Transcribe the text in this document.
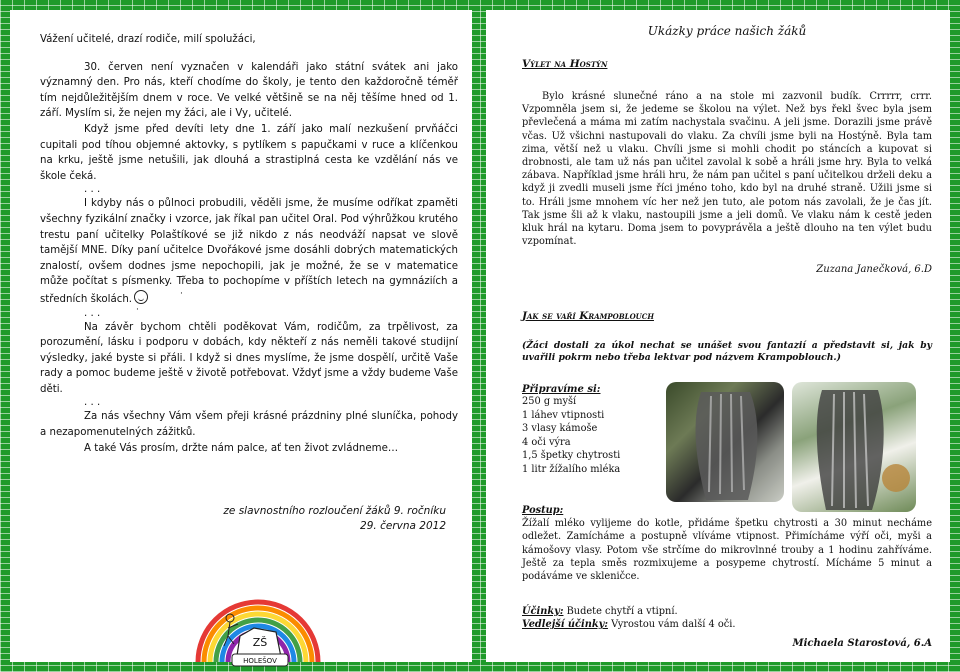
Vážení učitelé, drazí rodiče, milí spolužáci,

30. červen není vyznačen v kalendáři jako státní svátek ani jako významný den. Pro nás, kteří chodíme do školy, je tento den každoročně téměř tím nejdůležitějším dnem v roce. Ve velké většině se na něj těšíme hned od 1. září. Myslím si, že nejen my žáci, ale i Vy, učitelé.

Když jsme před devíti lety dne 1. září jako malí nezkušení prvňáčci cupitali pod tíhou objemné aktovky, s pytlíkem s papučkami v ruce a klíčenkou na krku, ještě jsme netušili, jak dlouhá a strastiplná cesta ke vzdělání nás ve škole čeká.

. . .

I kdyby nás o půlnoci probudili, věděli jsme, že musíme odříkat zpaměti všechny fyzikální značky i vzorce, jak říkal pan učitel Oral. Pod výhrůžkou krutého trestu paní učitelky Polaštíkové se již nikdo z nás neodváží napsat ve slově tamější MNE. Díky paní učitelce Dvořákové jsme dosáhli dobrých matematických znalostí, ovšem dodnes jsme nepochopili, jak je možné, že se v matematice může počítat s písmenky. Třeba to pochopíme v příštích letech na gymnáziích a středních školách.· ·

. . .

Na závěr bychom chtěli poděkovat Vám, rodičům, za trpělivost, za porozumění, lásku i podporu v dobách, kdy někteří z nás neměli takové studijní výsledky, jaké byste si přáli. I když si dnes myslíme, že jsme dospělí, určitě Vaše rady a pomoc budeme ještě v životě potřebovat. Vždyť jsme a vždy budeme Vaše děti.

. . .

Za nás všechny Vám všem přeji krásné prázdniny plné sluníčka, pohody a nezapomenutelných zážitků.

A také Vás prosím, držte nám palce, ať ten život zvládneme…

ze slavnostního rozloučení žáků 9. ročníku
29. června 2012
ZŠ
HOLEŠOV
Ukázky práce našich žáků
Výlet na Hostýn

Bylo krásné slunečné ráno a na stole mi zazvonil budík. Crrrrr, crrr. Vzpomněla jsem si, že jedeme se školou na výlet. Než bys řekl švec byla jsem převlečená a máma mi zatím nachystala svačinu. A jeli jsme. Dorazili jsme právě včas. Už všichni nastupovali do vlaku. Za chvíli jsme byli na Hostýně. Byla tam zima, větší než u vlaku. Chvíli jsme si mohli chodit po stáncích a kupovat si drobnosti, ale tam už nás pan učitel zavolal k sobě a hráli jsme hry. Byla to velká zábava. Například jsme hráli hru, že nám pan učitel s paní učitelkou drželi deku a když ji zvedli museli jsme říci jméno toho, kdo byl na druhé straně. Užili jsme si to. Hráli jsme mnohem víc her než jen tuto, ale potom nás zavolali, že je čas jít. Tak jsme šli až k vlaku, nastoupili jsme a jeli domů. Ve vlaku nám k cestě jeden kluk hrál na kytaru. Doma jsem to povyprávěla a ještě dlouho na ten výlet budu vzpomínat.

Zuzana Janečková, 6.D
Jak se vaří Krampoblouch
(Žáci dostali za úkol nechat se unášet svou fantazií a představit si, jak by uvařili pokrm nebo třeba lektvar pod názvem Krampoblouch.)
Připravíme si:
250 g myší
1 láhev vtipnosti
3 vlasy kámoše
4 oči výra
1,5 špetky chytrosti
1 litr žížalího mléka
Postup:
Žížalí mléko vylijeme do kotle, přidáme špetku chytrosti a 30 minut necháme odležet. Zamícháme a postupně vlíváme vtipnost. Přimícháme výří oči, myši a kámošovy vlasy. Potom vše strčíme do mikrovlnné trouby a 1 hodinu zahříváme. Ještě za tepla směs rozmixujeme a posypeme chytrostí. Mícháme 5 minut a podáváme ve skleničce.
Účinky: Budete chytří a vtipní.
Vedlejší účinky: Vyrostou vám další 4 oči.
Michaela Starostová, 6.A
